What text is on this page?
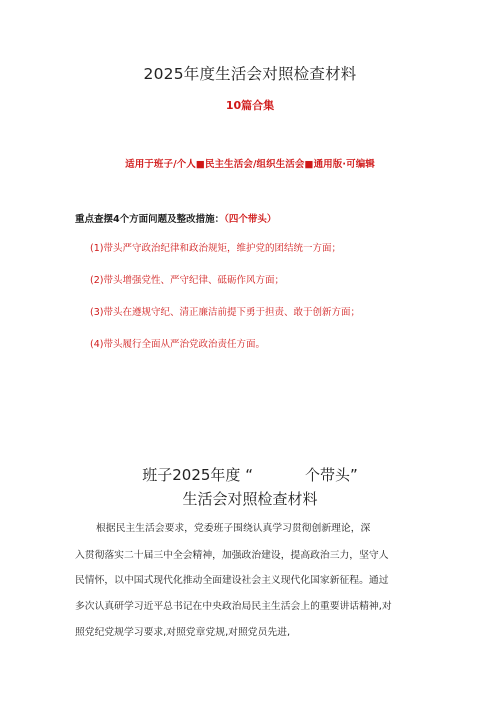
2025年度生活会对照检查材料
10篇合集
适用于班子/个人■民主生活会/组织生活会■通用版·可编辑
重点查摆4个方面问题及整改措施：（四个带头）
(1)带头严守政治纪律和政治规矩，维护党的团结统一方面；
(2)带头增强党性、严守纪律、砥砺作风方面；
(3)带头在遵规守纪、清正廉洁前提下勇于担责、敢于创新方面；
(4)带头履行全面从严治党政治责任方面。
班子2025年度 “	个带头”
生活会对照检查材料
根据民主生活会要求，党委班子围绕认真学习贯彻创新理论，深
入贯彻落实二十届三中全会精神，加强政治建设，提高政治三力，坚守人
民情怀，以中国式现代化推动全面建设社会主义现代化国家新征程。通过
多次认真研学习近平总书记在中央政治局民主生活会上的重要讲话精神,对
照党纪党规学习要求,对照党章党规,对照党员先进,
